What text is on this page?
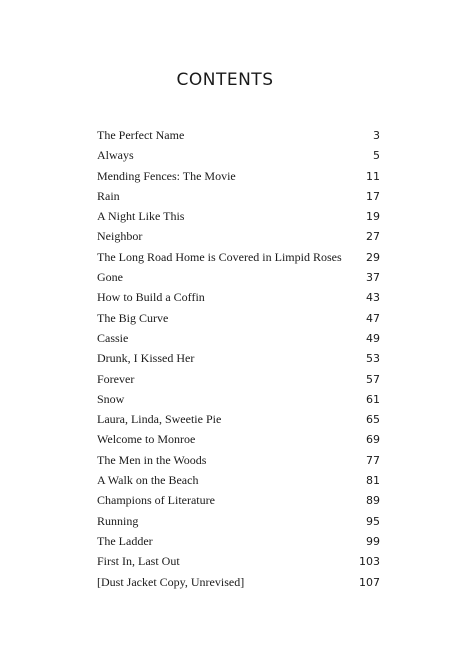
CONTENTS
The Perfect Name	3
Always	5
Mending Fences: The Movie	11
Rain	17
A Night Like This	19
Neighbor	27
The Long Road Home is Covered in Limpid Roses	29
Gone	37
How to Build a Coffin	43
The Big Curve	47
Cassie	49
Drunk, I Kissed Her	53
Forever	57
Snow	61
Laura, Linda, Sweetie Pie	65
Welcome to Monroe	69
The Men in the Woods	77
A Walk on the Beach	81
Champions of Literature	89
Running	95
The Ladder	99
First In, Last Out	103
[Dust Jacket Copy, Unrevised]	107
